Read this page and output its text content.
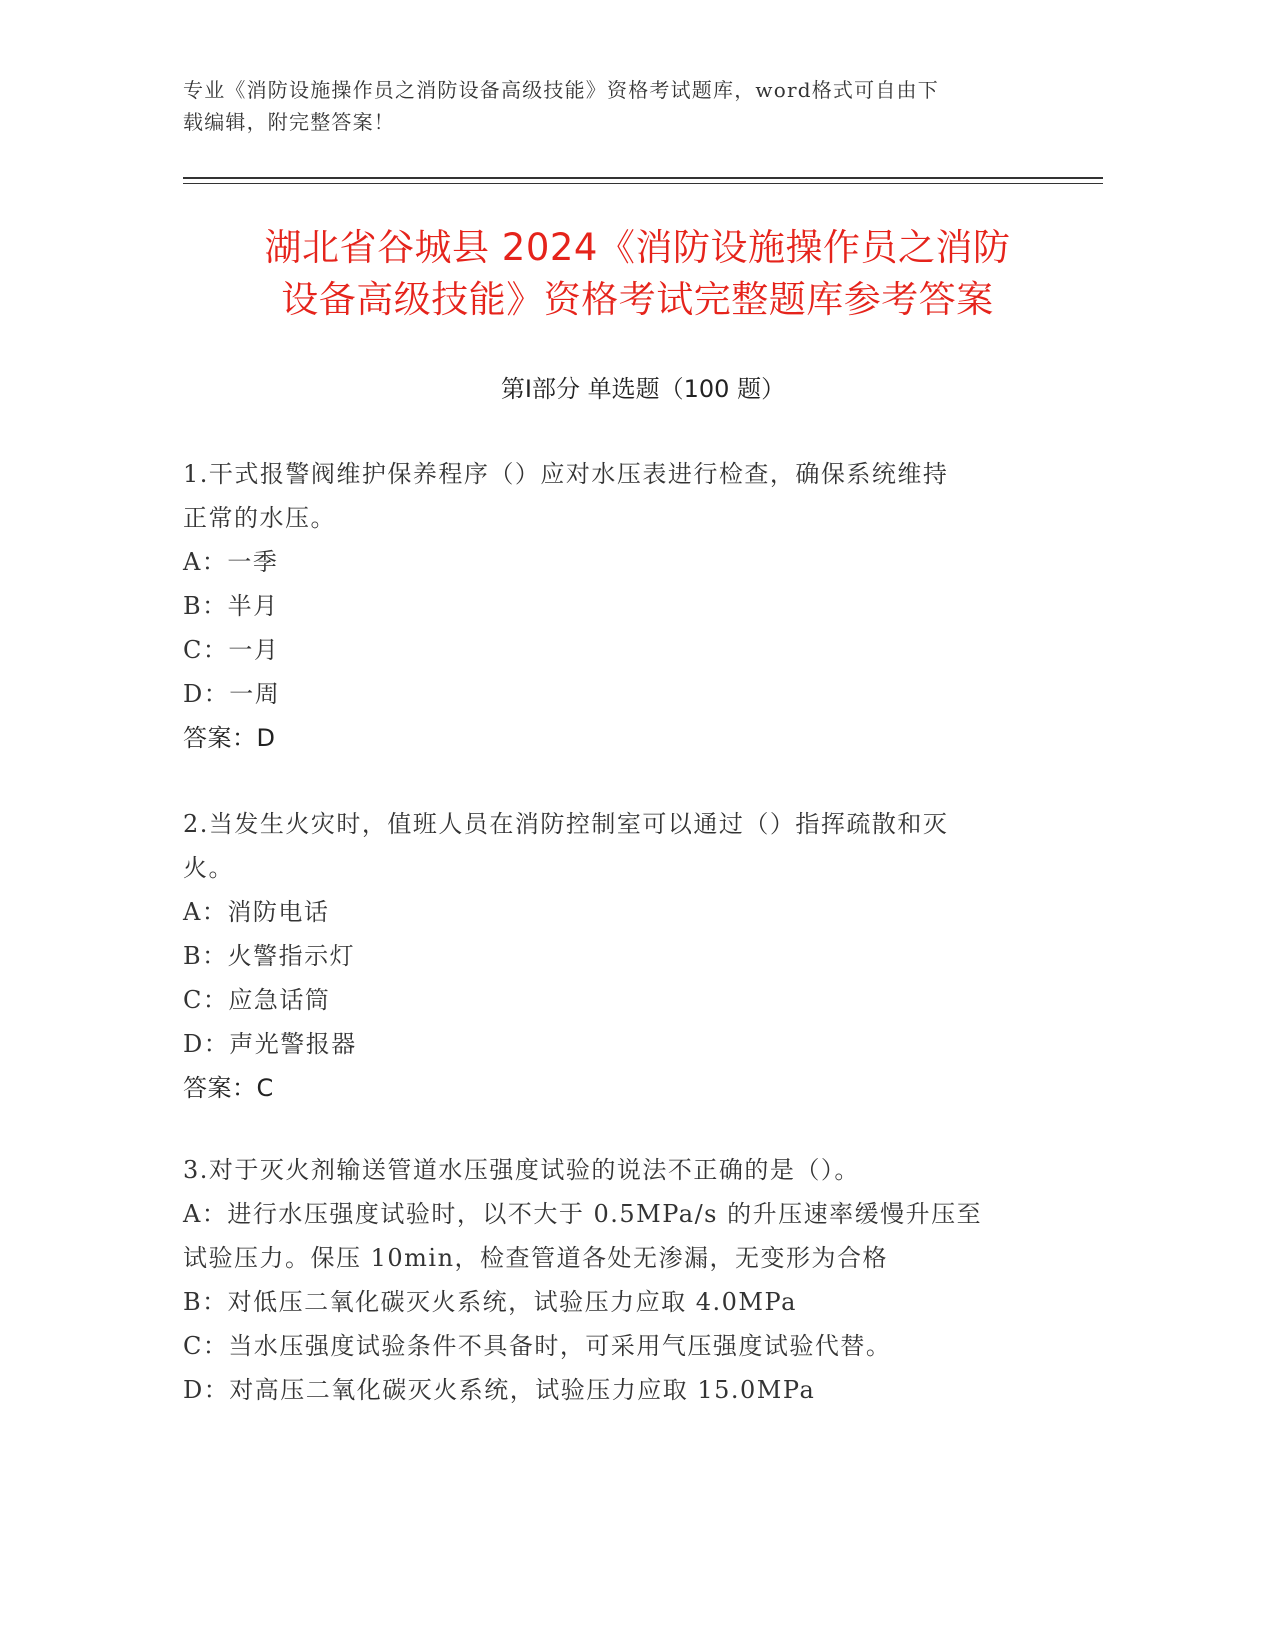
专业《消防设施操作员之消防设备高级技能》资格考试题库，word格式可自由下
载编辑，附完整答案！
湖北省谷城县 2024《消防设施操作员之消防
设备高级技能》资格考试完整题库参考答案
第Ⅰ部分 单选题（100 题）
1.干式报警阀维护保养程序（）应对水压表进行检查，确保系统维持
正常的水压。
A：一季
B：半月
C：一月
D：一周
答案：D
2.当发生火灾时，值班人员在消防控制室可以通过（）指挥疏散和灭
火。
A：消防电话
B：火警指示灯
C：应急话筒
D：声光警报器
答案：C
3.对于灭火剂输送管道水压强度试验的说法不正确的是（）。
A：进行水压强度试验时，以不大于 0.5MPa/s 的升压速率缓慢升压至
试验压力。保压 10min，检查管道各处无渗漏，无变形为合格
B：对低压二氧化碳灭火系统，试验压力应取 4.0MPa
C：当水压强度试验条件不具备时，可采用气压强度试验代替。
D：对高压二氧化碳灭火系统，试验压力应取 15.0MPa
